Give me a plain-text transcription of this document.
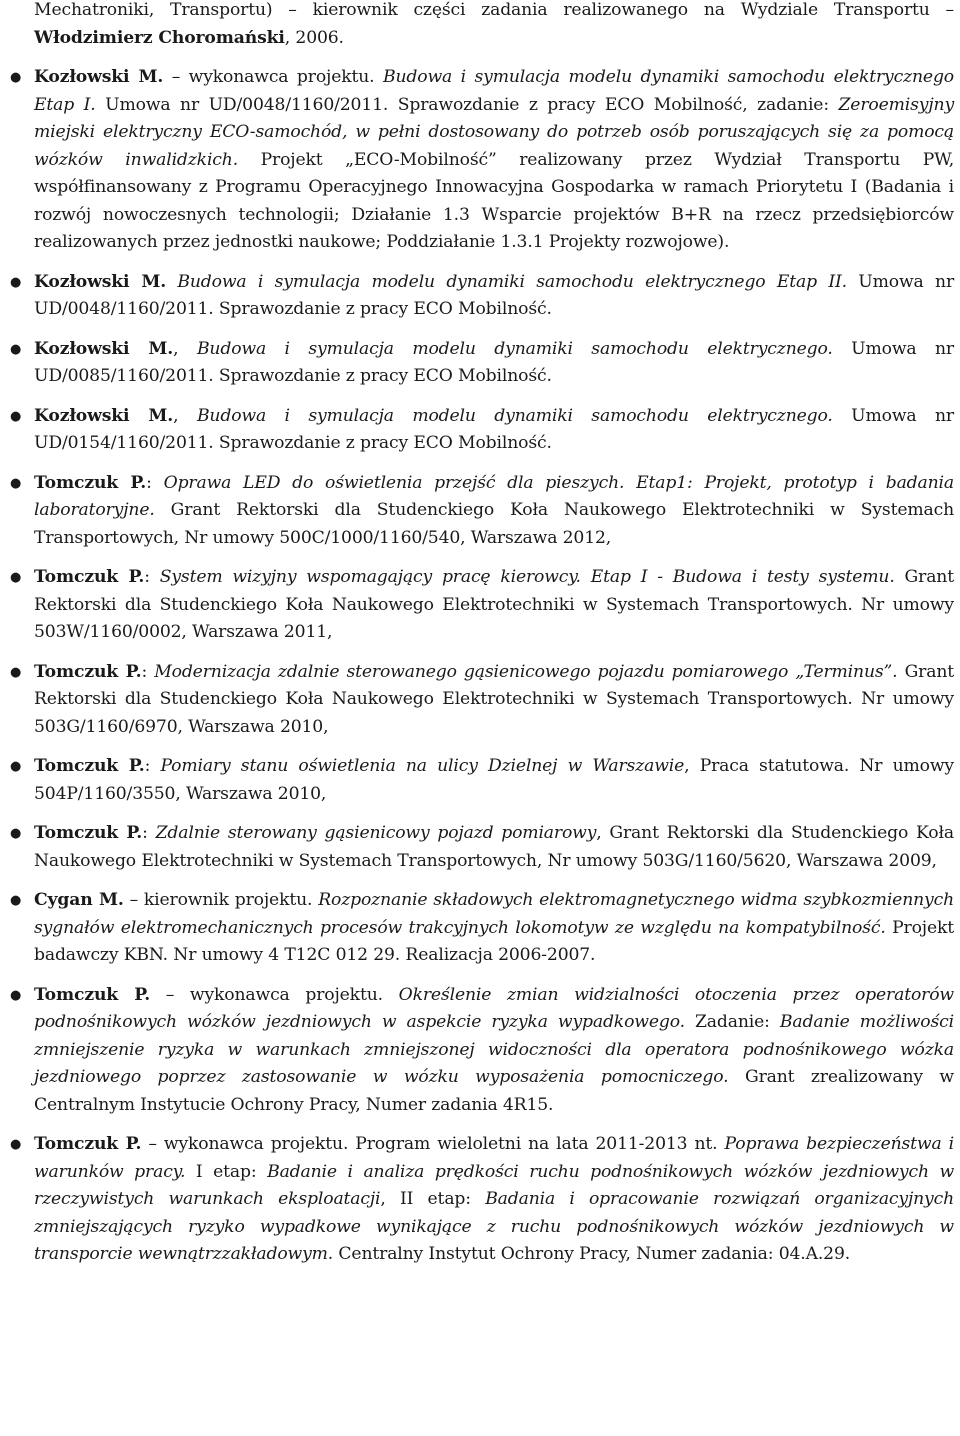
Mechatroniki, Transportu) – kierownik części zadania realizowanego na Wydziale Transportu – Włodzimierz Choromański, 2006.
● Kozłowski M. – wykonawca projektu. Budowa i symulacja modelu dynamiki samochodu elektrycznego Etap I. Umowa nr UD/0048/1160/2011. Sprawozdanie z pracy ECO Mobilność, zadanie: Zeroemisyjny miejski elektryczny ECO-samochód, w pełni dostosowany do potrzeb osób poruszających się za pomocą wózków inwalidzkich. Projekt „ECO-Mobilność” realizowany przez Wydział Transportu PW, współfinansowany z Programu Operacyjnego Innowacyjna Gospodarka w ramach Priorytetu I (Badania i rozwój nowoczesnych technologii; Działanie 1.3 Wsparcie projektów B+R na rzecz przedsiębiorców realizowanych przez jednostki naukowe; Poddziałanie 1.3.1 Projekty rozwojowe).
● Kozłowski M. Budowa i symulacja modelu dynamiki samochodu elektrycznego Etap II. Umowa nr UD/0048/1160/2011. Sprawozdanie z pracy ECO Mobilność.
● Kozłowski M., Budowa i symulacja modelu dynamiki samochodu elektrycznego. Umowa nr UD/0085/1160/2011. Sprawozdanie z pracy ECO Mobilność.
● Kozłowski M., Budowa i symulacja modelu dynamiki samochodu elektrycznego. Umowa nr UD/0154/1160/2011. Sprawozdanie z pracy ECO Mobilność.
● Tomczuk P.: Oprawa LED do oświetlenia przejść dla pieszych. Etap1: Projekt, prototyp i badania laboratoryjne. Grant Rektorski dla Studenckiego Koła Naukowego Elektrotechniki w Systemach Transportowych, Nr umowy 500C/1000/1160/540, Warszawa 2012,
● Tomczuk P.: System wizyjny wspomagający pracę kierowcy. Etap I - Budowa i testy systemu. Grant Rektorski dla Studenckiego Koła Naukowego Elektrotechniki w Systemach Transportowych. Nr umowy 503W/1160/0002, Warszawa 2011,
● Tomczuk P.: Modernizacja zdalnie sterowanego gąsienicowego pojazdu pomiarowego „Terminus”. Grant Rektorski dla Studenckiego Koła Naukowego Elektrotechniki w Systemach Transportowych. Nr umowy 503G/1160/6970, Warszawa 2010,
● Tomczuk P.: Pomiary stanu oświetlenia na ulicy Dzielnej w Warszawie, Praca statutowa. Nr umowy 504P/1160/3550, Warszawa 2010,
● Tomczuk P.: Zdalnie sterowany gąsienicowy pojazd pomiarowy, Grant Rektorski dla Studenckiego Koła Naukowego Elektrotechniki w Systemach Transportowych, Nr umowy 503G/1160/5620, Warszawa 2009,
● Cygan M. – kierownik projektu. Rozpoznanie składowych elektromagnetycznego widma szybkozmiennych sygnałów elektromechanicznych procesów trakcyjnych lokomotyw ze względu na kompatybilność. Projekt badawczy KBN. Nr umowy 4 T12C 012 29. Realizacja 2006-2007.
● Tomczuk P. – wykonawca projektu. Określenie zmian widzialności otoczenia przez operatorów podnośnikowych wózków jezdniowych w aspekcie ryzyka wypadkowego. Zadanie: Badanie możliwości zmniejszenie ryzyka w warunkach zmniejszonej widoczności dla operatora podnośnikowego wózka jezdniowego poprzez zastosowanie w wózku wyposażenia pomocniczego. Grant zrealizowany w Centralnym Instytucie Ochrony Pracy, Numer zadania 4R15.
● Tomczuk P. – wykonawca projektu. Program wieloletni na lata 2011-2013 nt. Poprawa bezpieczeństwa i warunków pracy. I etap: Badanie i analiza prędkości ruchu podnośnikowych wózków jezdniowych w rzeczywistych warunkach eksploatacji, II etap: Badania i opracowanie rozwiązań organizacyjnych zmniejszających ryzyko wypadkowe wynikające z ruchu podnośnikowych wózków jezdniowych w transporcie wewnątrzzakładowym. Centralny Instytut Ochrony Pracy, Numer zadania: 04.A.29.
